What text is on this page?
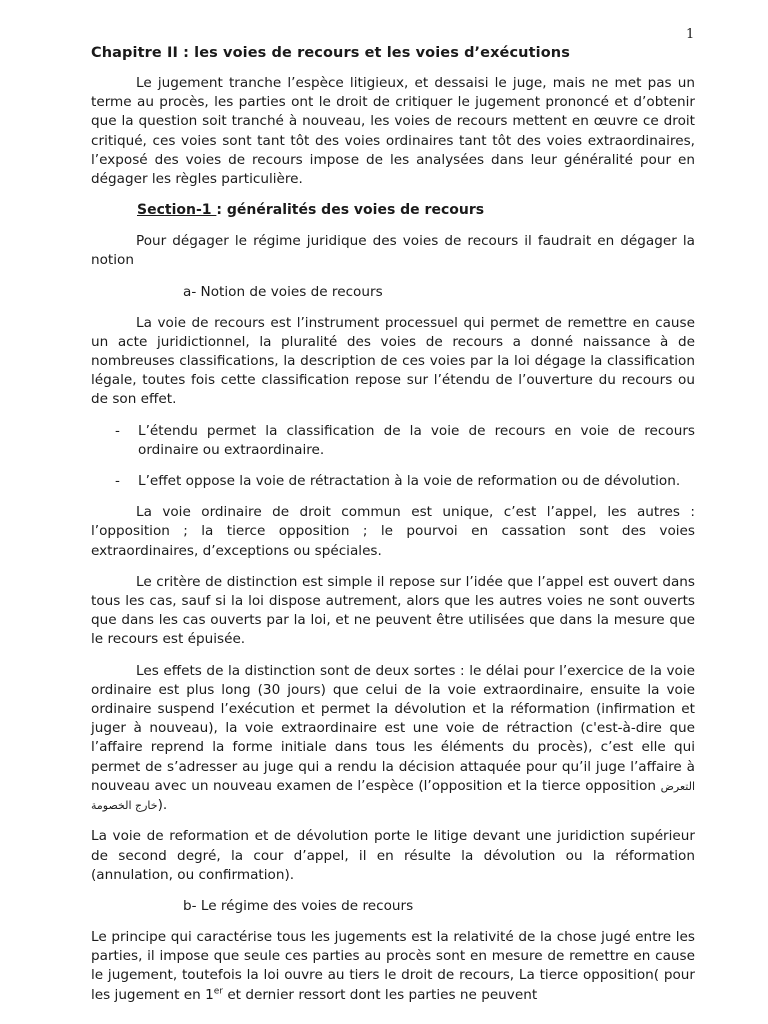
1
Chapitre II : les voies de recours et les voies d’exécutions

Le jugement tranche l’espèce litigieux, et dessaisi le juge, mais ne met pas un terme au procès, les parties ont le droit de critiquer le jugement prononcé et d’obtenir que la question soit tranché à nouveau, les voies de recours mettent en œuvre ce droit critiqué, ces voies sont tant tôt des voies ordinaires tant tôt des voies extraordinaires, l’exposé des voies de recours impose de les analysées dans leur généralité pour en dégager les règles particulière.

Section-1 : généralités des voies de recours

Pour dégager le régime juridique des voies de recours il faudrait en dégager la notion

a- Notion de voies de recours

La voie de recours est l’instrument processuel qui permet de remettre en cause un acte juridictionnel, la pluralité des voies de recours a donné naissance à de nombreuses classifications, la description de ces voies par la loi dégage la classification légale, toutes fois cette classification repose sur l’étendu de l’ouverture du recours ou de son effet.

- L’étendu permet la classification de la voie de recours en voie de recours ordinaire ou extraordinaire.
- L’effet oppose la voie de rétractation à la voie de reformation ou de dévolution.

La voie ordinaire de droit commun est unique, c’est l’appel, les autres : l’opposition ; la tierce opposition ; le pourvoi en cassation sont des voies extraordinaires, d’exceptions ou spéciales.

Le critère de distinction est simple il repose sur l’idée que l’appel est ouvert dans tous les cas, sauf si la loi dispose autrement, alors que les autres voies ne sont ouverts que dans les cas ouverts par la loi, et ne peuvent être utilisées que dans la mesure que le recours est épuisée.

Les effets de la distinction sont de deux sortes : le délai pour l’exercice de la voie ordinaire est plus long (30 jours) que celui de la voie extraordinaire, ensuite la voie ordinaire suspend l’exécution et permet la dévolution et la réformation (infirmation et juger à nouveau), la voie extraordinaire est une voie de rétraction (c'est-à-dire que l’affaire reprend la forme initiale dans tous les éléments du procès), c’est elle qui permet de s’adresser au juge qui a rendu la décision attaquée pour qu’il juge l’affaire à nouveau avec un nouveau examen de l’espèce (l’opposition et la tierce opposition التعرض خارج الخصومة).

La voie de reformation et de dévolution porte le litige devant une juridiction supérieur de second degré, la cour d’appel, il en résulte la dévolution ou la réformation (annulation, ou confirmation).

b- Le régime des voies de recours

Le principe qui caractérise tous les jugements est la relativité de la chose jugé entre les parties, il impose que seule ces parties au procès sont en mesure de remettre en cause le jugement, toutefois la loi ouvre au tiers le droit de recours, La tierce opposition( pour les jugement en 1er et dernier ressort dont les parties ne peuvent
